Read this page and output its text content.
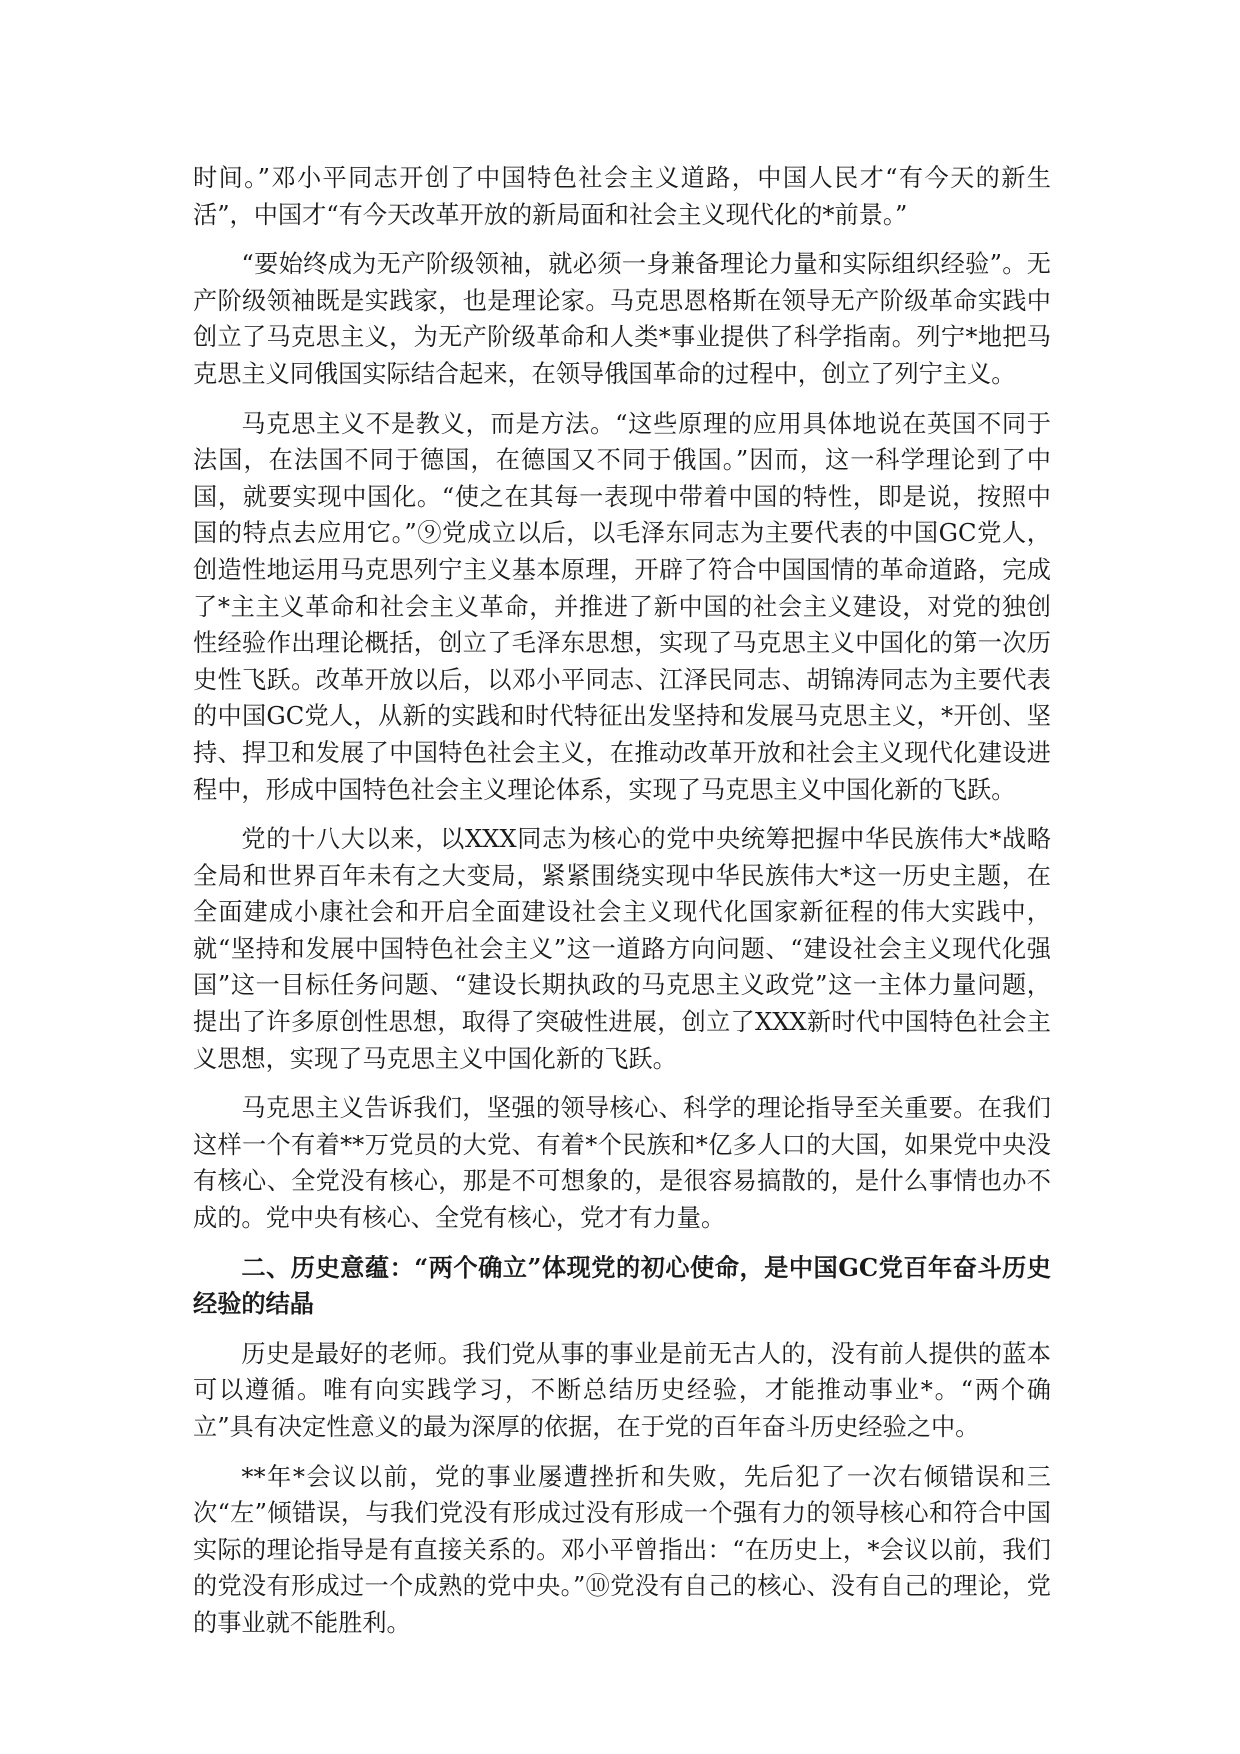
时间。”邓小平同志开创了中国特色社会主义道路，中国人民才“有今天的新生活”，中国才“有今天改革开放的新局面和社会主义现代化的*前景。”

“要始终成为无产阶级领袖，就必须一身兼备理论力量和实际组织经验”。无产阶级领袖既是实践家，也是理论家。马克思恩格斯在领导无产阶级革命实践中创立了马克思主义，为无产阶级革命和人类*事业提供了科学指南。列宁*地把马克思主义同俄国实际结合起来，在领导俄国革命的过程中，创立了列宁主义。

马克思主义不是教义，而是方法。“这些原理的应用具体地说在英国不同于法国，在法国不同于德国，在德国又不同于俄国。”因而，这一科学理论到了中国，就要实现中国化。“使之在其每一表现中带着中国的特性，即是说，按照中国的特点去应用它。”⑨党成立以后，以毛泽东同志为主要代表的中国GC党人，创造性地运用马克思列宁主义基本原理，开辟了符合中国国情的革命道路，完成了*主主义革命和社会主义革命，并推进了新中国的社会主义建设，对党的独创性经验作出理论概括，创立了毛泽东思想，实现了马克思主义中国化的第一次历史性飞跃。改革开放以后，以邓小平同志、江泽民同志、胡锦涛同志为主要代表的中国GC党人，从新的实践和时代特征出发坚持和发展马克思主义，*开创、坚持、捍卫和发展了中国特色社会主义，在推动改革开放和社会主义现代化建设进程中，形成中国特色社会主义理论体系，实现了马克思主义中国化新的飞跃。

党的十八大以来，以XXX同志为核心的党中央统筹把握中华民族伟大*战略全局和世界百年未有之大变局，紧紧围绕实现中华民族伟大*这一历史主题，在全面建成小康社会和开启全面建设社会主义现代化国家新征程的伟大实践中，就“坚持和发展中国特色社会主义”这一道路方向问题、“建设社会主义现代化强国”这一目标任务问题、“建设长期执政的马克思主义政党”这一主体力量问题，提出了许多原创性思想，取得了突破性进展，创立了XXX新时代中国特色社会主义思想，实现了马克思主义中国化新的飞跃。

马克思主义告诉我们，坚强的领导核心、科学的理论指导至关重要。在我们这样一个有着**万党员的大党、有着*个民族和*亿多人口的大国，如果党中央没有核心、全党没有核心，那是不可想象的，是很容易搞散的，是什么事情也办不成的。党中央有核心、全党有核心，党才有力量。

二、历史意蕴：“两个确立”体现党的初心使命，是中国GC党百年奋斗历史经验的结晶

历史是最好的老师。我们党从事的事业是前无古人的，没有前人提供的蓝本可以遵循。唯有向实践学习，不断总结历史经验，才能推动事业*。“两个确立”具有决定性意义的最为深厚的依据，在于党的百年奋斗历史经验之中。

**年*会议以前，党的事业屡遭挫折和失败，先后犯了一次右倾错误和三次“左”倾错误，与我们党没有形成过没有形成一个强有力的领导核心和符合中国实际的理论指导是有直接关系的。邓小平曾指出：“在历史上，*会议以前，我们的党没有形成过一个成熟的党中央。”⑩党没有自己的核心、没有自己的理论，党的事业就不能胜利。
